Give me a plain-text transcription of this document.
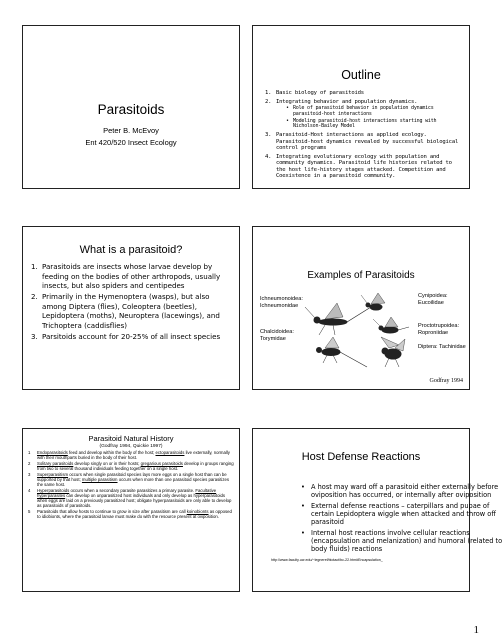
Parasitoids
Peter B. McEvoy
Ent 420/520 Insect Ecology
Outline
1. Basic biology of parasitoids
2. Integrating behavior and population dynamics.
• Role of parasitoid behavior in population dynamics parasitoid-host interactions
• Modeling parasitoid-host interactions starting with Nicholson-Bailey Model
3. Parasitoid-Host interactions as applied ecology. Parasitoid-host dynamics revealed by successful biological control programs
4. Integrating evolutionary ecology with population and community dynamics. Parasitoid life histories related to the host life-history stages attacked. Competition and Coexistence in a parasitoid community.
What is a parasitoid?
1. Parasitoids are insects whose larvae develop by feeding on the bodies of other arthropods, usually insects, but also spiders and centipedes
2. Primarily in the Hymenoptera (wasps), but also among Diptera (flies), Coleoptera (beetles), Lepidoptera (moths), Neuroptera (lacewings), and Trichoptera (caddisflies)
3. Parsitoids account for 20-25% of all insect species
Examples of Parasitoids
Ichneumonoidea: Ichneumonidae
Chalcidoidea: Torymidae
Cynipoidea: Eucoilidae
Proctotrupoidea: Roproniidae
Diptera: Tachinidae
Godfray 1994
Parasitoid Natural History
(Godfray 1994, Quickie 1997)
1 Endoparasitoids feed and develop within the body of the host; ectoparasitoids live externally, normally with their mouthparts buried in the body of their host.
2 Solitary parasitoids develop singly on or in their hosts; gregarious parasitoids develop in groups ranging from two to several thousand individuals feeding together on a single host.
3 Superparasitism occurs when single parasitoid species lays more eggs on a single host than can be supported by that host; multiple parasitism occurs when more than one parasitoid species parasitizes the same host.
4 Hyperparasitoids occurs when a secondary parasite parasitizes a primary parasite. Facultative hyperparasites can develop on unparasitized host individuals and only develop as hyperparasitoids when eggs are laid on a previously parasitized host; obligate hyperparasitoids are only able to develop as parasitoids of parasitoids.
5 Parasitoids that allow hosts to continue to grow in size after parasitism are call koinobionts as opposed to idiobionts, where the parasitoid larvae must make do with the resource present at oviposition.
Host Defense Reactions
• A host may ward off a parasitoid either externally before oviposition has occurred, or internally after oviposition
• External defense reactions – caterpillars and pupae of certain Lepidoptera wiggle when attacked and throw off parasitoid
• Internal host reactions involve cellular reactions (encapsulation and melanization) and humoral (related to body fluids) reactions
http://www.faculty.ucr.edu/~legneref/biotact/bc-22.htm#Encapsulation_
1
